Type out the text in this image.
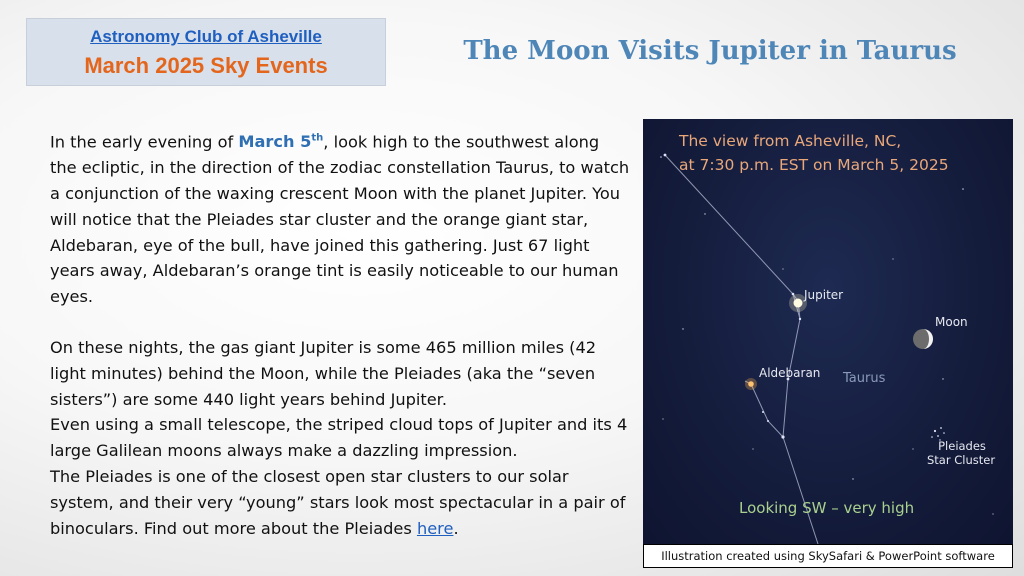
Astronomy Club of Asheville
March 2025 Sky Events	The Moon Visits Jupiter in Taurus

In the early evening of March 5th, look high to the southwest along the ecliptic, in the direction of the zodiac constellation Taurus, to watch a conjunction of the waxing crescent Moon with the planet Jupiter. You will notice that the Pleiades star cluster and the orange giant star, Aldebaran, eye of the bull, have joined this gathering. Just 67 light years away, Aldebaran’s orange tint is easily noticeable to our human eyes.

On these nights, the gas giant Jupiter is some 465 million miles (42 light minutes) behind the Moon, while the Pleiades (aka the “seven sisters”) are some 440 light years behind Jupiter.

Even using a small telescope, the striped cloud tops of Jupiter and its 4 large Galilean moons always make a dazzling impression.

The Pleiades is one of the closest open star clusters to our solar system, and their very “young” stars look most spectacular in a pair of binoculars. Find out more about the Pleiades here.

The view from Asheville, NC,
at 7:30 p.m. EST on March 5, 2025
Jupiter
Moon
Aldebaran Taurus
Pleiades
Star Cluster
Looking SW – very high
Illustration created using SkySafari & PowerPoint software
